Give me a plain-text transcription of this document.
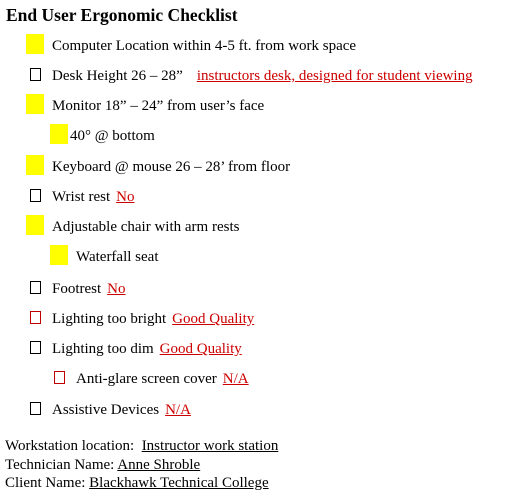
End User Ergonomic Checklist
Computer Location within 4-5 ft. from work space
Desk Height 26 – 28” instructors desk, designed for student viewing
Monitor 18” – 24” from user’s face
40° @ bottom
Keyboard @ mouse 26 – 28’ from floor
Wrist rest No
Adjustable chair with arm rests
Waterfall seat
Footrest No
Lighting too bright Good Quality
Lighting too dim Good Quality
Anti-glare screen cover N/A
Assistive Devices N/A
Workstation location: Instructor work station
Technician Name: Anne Shroble
Client Name: Blackhawk Technical College
